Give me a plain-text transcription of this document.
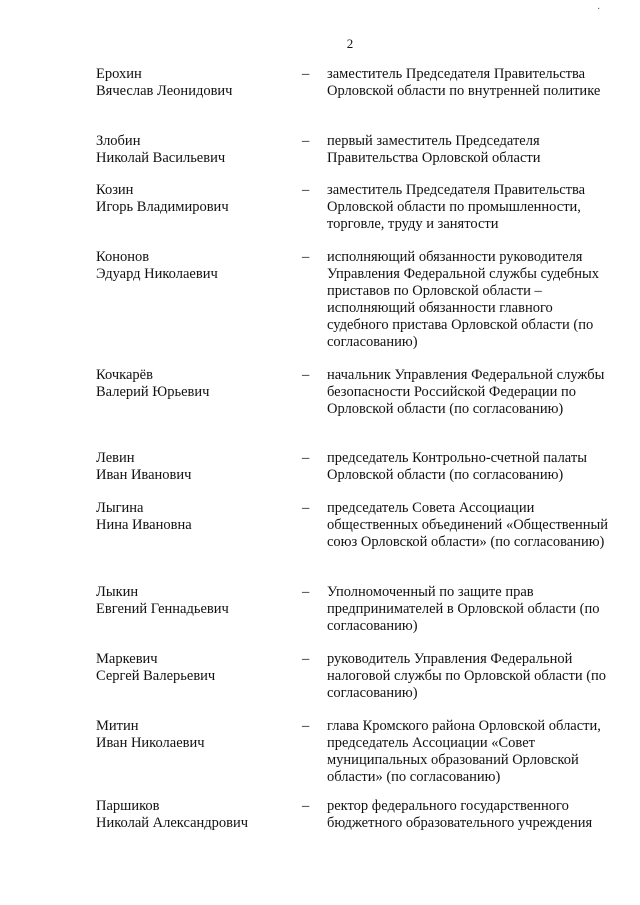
2
·
Ерохин
Вячеслав Леонидович
– заместитель Председателя Правительства Орловской области по внутренней политике
Злобин
Николай Васильевич
– первый заместитель Председателя Правительства Орловской области
Козин
Игорь Владимирович
– заместитель Председателя Правительства Орловской области по промышленности, торговле, труду и занятости
Кононов
Эдуард Николаевич
– исполняющий обязанности руководителя Управления Федеральной службы судебных приставов по Орловской области – исполняющий обязанности главного судебного пристава Орловской области (по согласованию)
Кочкарёв
Валерий Юрьевич
– начальник Управления Федеральной службы безопасности Российской Федерации по Орловской области (по согласованию)
Левин
Иван Иванович
– председатель Контрольно-счетной палаты Орловской области (по согласованию)
Лыгина
Нина Ивановна
– председатель Совета Ассоциации общественных объединений «Общественный союз Орловской области» (по согласованию)
Лыкин
Евгений Геннадьевич
– Уполномоченный по защите прав предпринимателей в Орловской области (по согласованию)
Маркевич
Сергей Валерьевич
– руководитель Управления Федеральной налоговой службы по Орловской области (по согласованию)
Митин
Иван Николаевич
– глава Кромского района Орловской области, председатель Ассоциации «Совет муниципальных образований Орловской области» (по согласованию)
Паршиков
Николай Александрович
– ректор федерального государственного бюджетного образовательного учреждения
